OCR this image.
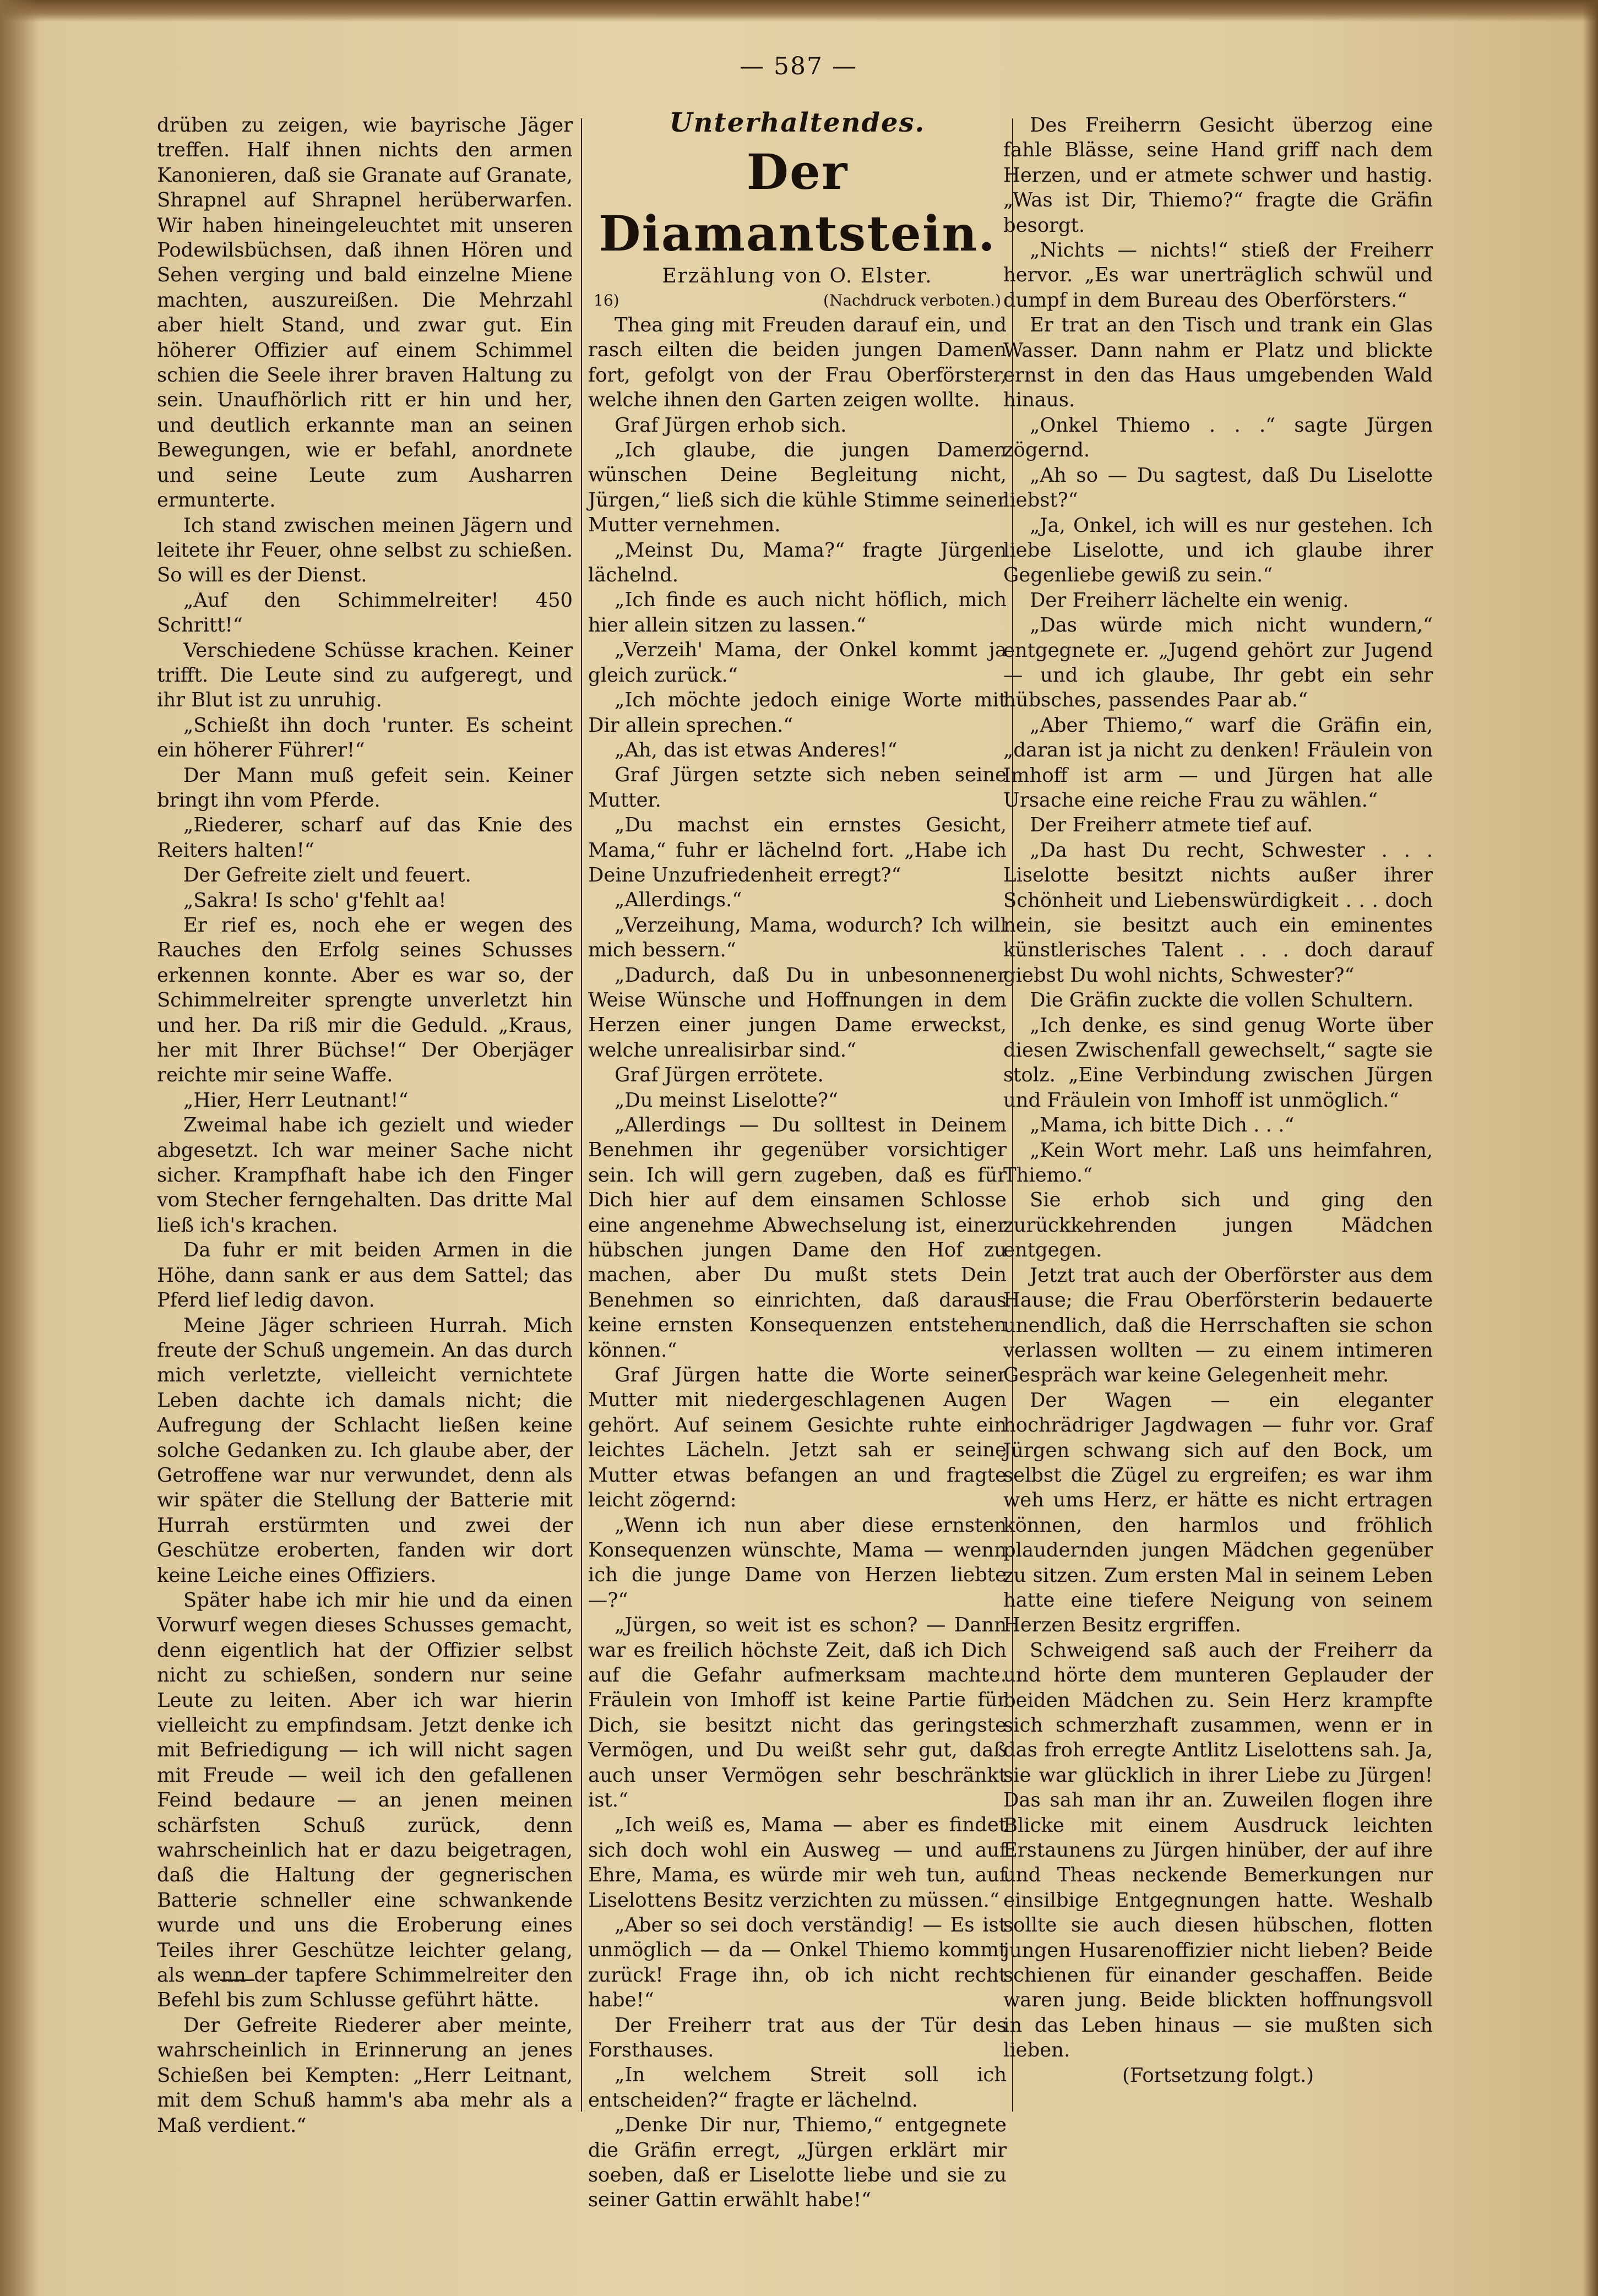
— 587 —

drüben zu zeigen, wie bayrische Jäger treffen. Half ihnen nichts den armen Kanonieren, daß sie Granate auf Granate, Shrapnel auf Shrapnel herüberwarfen. Wir haben hineingeleuchtet mit unseren Podewilsbüchsen, daß ihnen Hören und Sehen verging und bald einzelne Miene machten, auszureißen. Die Mehrzahl aber hielt Stand, und zwar gut. Ein höherer Offizier auf einem Schimmel schien die Seele ihrer braven Haltung zu sein. Unaufhörlich ritt er hin und her, und deutlich erkannte man an seinen Bewegungen, wie er befahl, anordnete und seine Leute zum Ausharren ermunterte.

Ich stand zwischen meinen Jägern und leitete ihr Feuer, ohne selbst zu schießen. So will es der Dienst.

„Auf den Schimmelreiter! 450 Schritt!“

Verschiedene Schüsse krachen. Keiner trifft. Die Leute sind zu aufgeregt, und ihr Blut ist zu unruhig.

„Schießt ihn doch 'runter. Es scheint ein höherer Führer!“

Der Mann muß gefeit sein. Keiner bringt ihn vom Pferde.

„Riederer, scharf auf das Knie des Reiters halten!“

Der Gefreite zielt und feuert.

„Sakra! Is scho' g'fehlt aa!

Er rief es, noch ehe er wegen des Rauches den Erfolg seines Schusses erkennen konnte. Aber es war so, der Schimmelreiter sprengte unverletzt hin und her. Da riß mir die Geduld. „Kraus, her mit Ihrer Büchse!“ Der Oberjäger reichte mir seine Waffe.

„Hier, Herr Leutnant!“

Zweimal habe ich gezielt und wieder abgesetzt. Ich war meiner Sache nicht sicher. Krampfhaft habe ich den Finger vom Stecher ferngehalten. Das dritte Mal ließ ich's krachen.

Da fuhr er mit beiden Armen in die Höhe, dann sank er aus dem Sattel; das Pferd lief ledig davon.

Meine Jäger schrieen Hurrah. Mich freute der Schuß ungemein. An das durch mich verletzte, vielleicht vernichtete Leben dachte ich damals nicht; die Aufregung der Schlacht ließen keine solche Gedanken zu. Ich glaube aber, der Getroffene war nur verwundet, denn als wir später die Stellung der Batterie mit Hurrah erstürmten und zwei der Geschütze eroberten, fanden wir dort keine Leiche eines Offiziers.

Später habe ich mir hie und da einen Vorwurf wegen dieses Schusses gemacht, denn eigentlich hat der Offizier selbst nicht zu schießen, sondern nur seine Leute zu leiten. Aber ich war hierin vielleicht zu empfindsam. Jetzt denke ich mit Befriedigung — ich will nicht sagen mit Freude — weil ich den gefallenen Feind bedaure — an jenen meinen schärfsten Schuß zurück, denn wahrscheinlich hat er dazu beigetragen, daß die Haltung der gegnerischen Batterie schneller eine schwankende wurde und uns die Eroberung eines Teiles ihrer Geschütze leichter gelang, als wenn der tapfere Schimmelreiter den Befehl bis zum Schlusse geführt hätte.

Der Gefreite Riederer aber meinte, wahrscheinlich in Erinnerung an jenes Schießen bei Kempten: „Herr Leitnant, mit dem Schuß hamm's aba mehr als a Maß verdient.“

Unterhaltendes.
Der Diamantstein.
Erzählung von O. Elster.
16)	(Nachdruck verboten.)

Thea ging mit Freuden darauf ein, und rasch eilten die beiden jungen Damen fort, gefolgt von der Frau Oberförster, welche ihnen den Garten zeigen wollte.

Graf Jürgen erhob sich.

„Ich glaube, die jungen Damen wünschen Deine Begleitung nicht, Jürgen,“ ließ sich die kühle Stimme seiner Mutter vernehmen.

„Meinst Du, Mama?“ fragte Jürgen lächelnd.

„Ich finde es auch nicht höflich, mich hier allein sitzen zu lassen.“

„Verzeih' Mama, der Onkel kommt ja gleich zurück.“

„Ich möchte jedoch einige Worte mit Dir allein sprechen.“

„Ah, das ist etwas Anderes!“

Graf Jürgen setzte sich neben seine Mutter.

„Du machst ein ernstes Gesicht, Mama,“ fuhr er lächelnd fort. „Habe ich Deine Unzufriedenheit erregt?“

„Allerdings.“

„Verzeihung, Mama, wodurch? Ich will mich bessern.“

„Dadurch, daß Du in unbesonnener Weise Wünsche und Hoffnungen in dem Herzen einer jungen Dame erweckst, welche unrealisirbar sind.“

Graf Jürgen errötete.

„Du meinst Liselotte?“

„Allerdings — Du solltest in Deinem Benehmen ihr gegenüber vorsichtiger sein. Ich will gern zugeben, daß es für Dich hier auf dem einsamen Schlosse eine angenehme Abwechselung ist, einer hübschen jungen Dame den Hof zu machen, aber Du mußt stets Dein Benehmen so einrichten, daß daraus keine ernsten Konsequenzen entstehen können.“

Graf Jürgen hatte die Worte seiner Mutter mit niedergeschlagenen Augen gehört. Auf seinem Gesichte ruhte ein leichtes Lächeln. Jetzt sah er seine Mutter etwas befangen an und fragte leicht zögernd:

„Wenn ich nun aber diese ernsten Konsequenzen wünschte, Mama — wenn ich die junge Dame von Herzen liebte —?“

„Jürgen, so weit ist es schon? — Dann war es freilich höchste Zeit, daß ich Dich auf die Gefahr aufmerksam machte. Fräulein von Imhoff ist keine Partie für Dich, sie besitzt nicht das geringste Vermögen, und Du weißt sehr gut, daß auch unser Vermögen sehr beschränkt ist.“

„Ich weiß es, Mama — aber es findet sich doch wohl ein Ausweg — und auf Ehre, Mama, es würde mir weh tun, auf Liselottens Besitz verzichten zu müssen.“

„Aber so sei doch verständig! — Es ist unmöglich — da — Onkel Thiemo kommt zurück! Frage ihn, ob ich nicht recht habe!“

Der Freiherr trat aus der Tür des Forsthauses.

„In welchem Streit soll ich entscheiden?“ fragte er lächelnd.

„Denke Dir nur, Thiemo,“ entgegnete die Gräfin erregt, „Jürgen erklärt mir soeben, daß er Liselotte liebe und sie zu seiner Gattin erwählt habe!“

Des Freiherrn Gesicht überzog eine fahle Blässe, seine Hand griff nach dem Herzen, und er atmete schwer und hastig. „Was ist Dir, Thiemo?“ fragte die Gräfin besorgt.

„Nichts — nichts!“ stieß der Freiherr hervor. „Es war unerträglich schwül und dumpf in dem Bureau des Oberförsters.“

Er trat an den Tisch und trank ein Glas Wasser. Dann nahm er Platz und blickte ernst in den das Haus umgebenden Wald hinaus.

„Onkel Thiemo . . .“ sagte Jürgen zögernd.

„Ah so — Du sagtest, daß Du Liselotte liebst?“

„Ja, Onkel, ich will es nur gestehen. Ich liebe Liselotte, und ich glaube ihrer Gegenliebe gewiß zu sein.“

Der Freiherr lächelte ein wenig.

„Das würde mich nicht wundern,“ entgegnete er. „Jugend gehört zur Jugend — und ich glaube, Ihr gebt ein sehr hübsches, passendes Paar ab.“

„Aber Thiemo,“ warf die Gräfin ein, „daran ist ja nicht zu denken! Fräulein von Imhoff ist arm — und Jürgen hat alle Ursache eine reiche Frau zu wählen.“

Der Freiherr atmete tief auf.

„Da hast Du recht, Schwester . . . Liselotte besitzt nichts außer ihrer Schönheit und Liebenswürdigkeit . . . doch nein, sie besitzt auch ein eminentes künstlerisches Talent . . . doch darauf giebst Du wohl nichts, Schwester?“

Die Gräfin zuckte die vollen Schultern.

„Ich denke, es sind genug Worte über diesen Zwischenfall gewechselt,“ sagte sie stolz. „Eine Verbindung zwischen Jürgen und Fräulein von Imhoff ist unmöglich.“

„Mama, ich bitte Dich . . .“

„Kein Wort mehr. Laß uns heimfahren, Thiemo.“

Sie erhob sich und ging den zurückkehrenden jungen Mädchen entgegen.

Jetzt trat auch der Oberförster aus dem Hause; die Frau Oberförsterin bedauerte unendlich, daß die Herrschaften sie schon verlassen wollten — zu einem intimeren Gespräch war keine Gelegenheit mehr.

Der Wagen — ein eleganter hochrädriger Jagdwagen — fuhr vor. Graf Jürgen schwang sich auf den Bock, um selbst die Zügel zu ergreifen; es war ihm weh ums Herz, er hätte es nicht ertragen können, den harmlos und fröhlich plaudernden jungen Mädchen gegenüber zu sitzen. Zum ersten Mal in seinem Leben hatte eine tiefere Neigung von seinem Herzen Besitz ergriffen.

Schweigend saß auch der Freiherr da und hörte dem munteren Geplauder der beiden Mädchen zu. Sein Herz krampfte sich schmerzhaft zusammen, wenn er in das froh erregte Antlitz Liselottens sah. Ja, sie war glücklich in ihrer Liebe zu Jürgen! Das sah man ihr an. Zuweilen flogen ihre Blicke mit einem Ausdruck leichten Erstaunens zu Jürgen hinüber, der auf ihre und Theas neckende Bemerkungen nur einsilbige Entgegnungen hatte. Weshalb sollte sie auch diesen hübschen, flotten jungen Husarenoffizier nicht lieben? Beide schienen für einander geschaffen. Beide waren jung. Beide blickten hoffnungsvoll in das Leben hinaus — sie mußten sich lieben.

(Fortsetzung folgt.)
